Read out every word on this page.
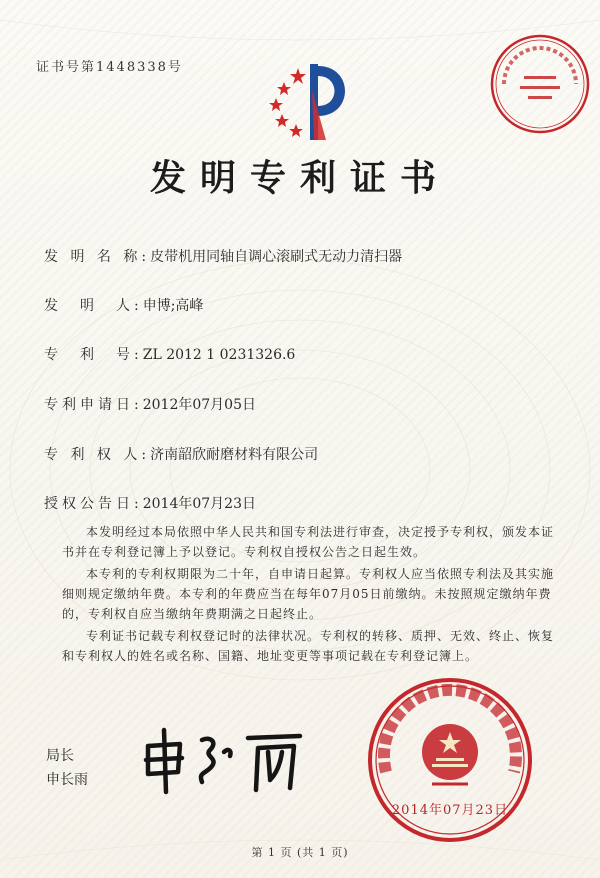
证书号第1448338号
发明专利证书
发 明 名 称:皮带机用同轴自调心滚刷式无动力清扫器
发　明　人:申博;高峰
专　利　号:ZL 2012 1 0231326.6
专利申请日:2012年07月05日
专 利 权 人:济南韶欣耐磨材料有限公司
授权公告日:2014年07月23日
本发明经过本局依照中华人民共和国专利法进行审查，决定授予专利权，颁发本证书并在专利登记簿上予以登记。专利权自授权公告之日起生效。
本专利的专利权期限为二十年，自申请日起算。专利权人应当依照专利法及其实施细则规定缴纳年费。本专利的年费应当在每年07月05日前缴纳。未按照规定缴纳年费的，专利权自应当缴纳年费期满之日起终止。
专利证书记载专利权登记时的法律状况。专利权的转移、质押、无效、终止、恢复和专利权人的姓名或名称、国籍、地址变更等事项记载在专利登记簿上。
局长
申长雨
2014年07月23日
第 1 页 (共 1 页)
